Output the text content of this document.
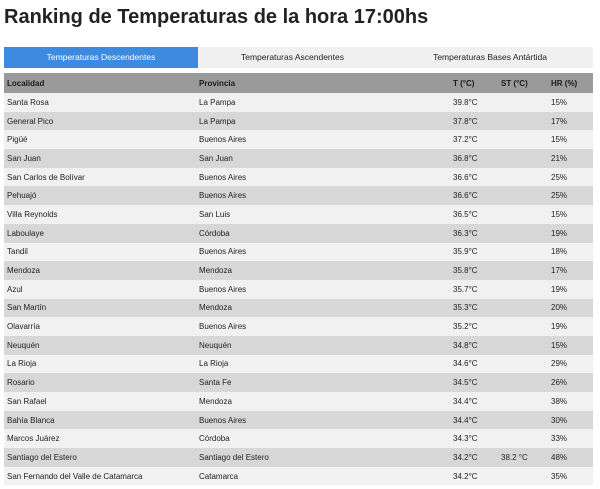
Ranking de Temperaturas de la hora 17:00hs
Temperaturas Descendentes	Temperaturas Ascendentes	Temperaturas Bases Antártida
Localidad	Provincia	T (°C)	ST (°C)	HR (%)
Santa Rosa	La Pampa	39.8°C		15%
General Pico	La Pampa	37.8°C		17%
Pigüé	Buenos Aires	37.2°C		15%
San Juan	San Juan	36.8°C		21%
San Carlos de Bolívar	Buenos Aires	36.6°C		25%
Pehuajó	Buenos Aires	36.6°C		25%
Villa Reynolds	San Luis	36.5°C		15%
Laboulaye	Córdoba	36.3°C		19%
Tandil	Buenos Aires	35.9°C		18%
Mendoza	Mendoza	35.8°C		17%
Azul	Buenos Aires	35.7°C		19%
San Martín	Mendoza	35.3°C		20%
Olavarría	Buenos Aires	35.2°C		19%
Neuquén	Neuquén	34.8°C		15%
La Rioja	La Rioja	34.6°C		29%
Rosario	Santa Fe	34.5°C		26%
San Rafael	Mendoza	34.4°C		38%
Bahía Blanca	Buenos Aires	34.4°C		30%
Marcos Juárez	Córdoba	34.3°C		33%
Santiago del Estero	Santiago del Estero	34.2°C	38.2 °C	48%
San Fernando del Valle de Catamarca	Catamarca	34.2°C		35%
